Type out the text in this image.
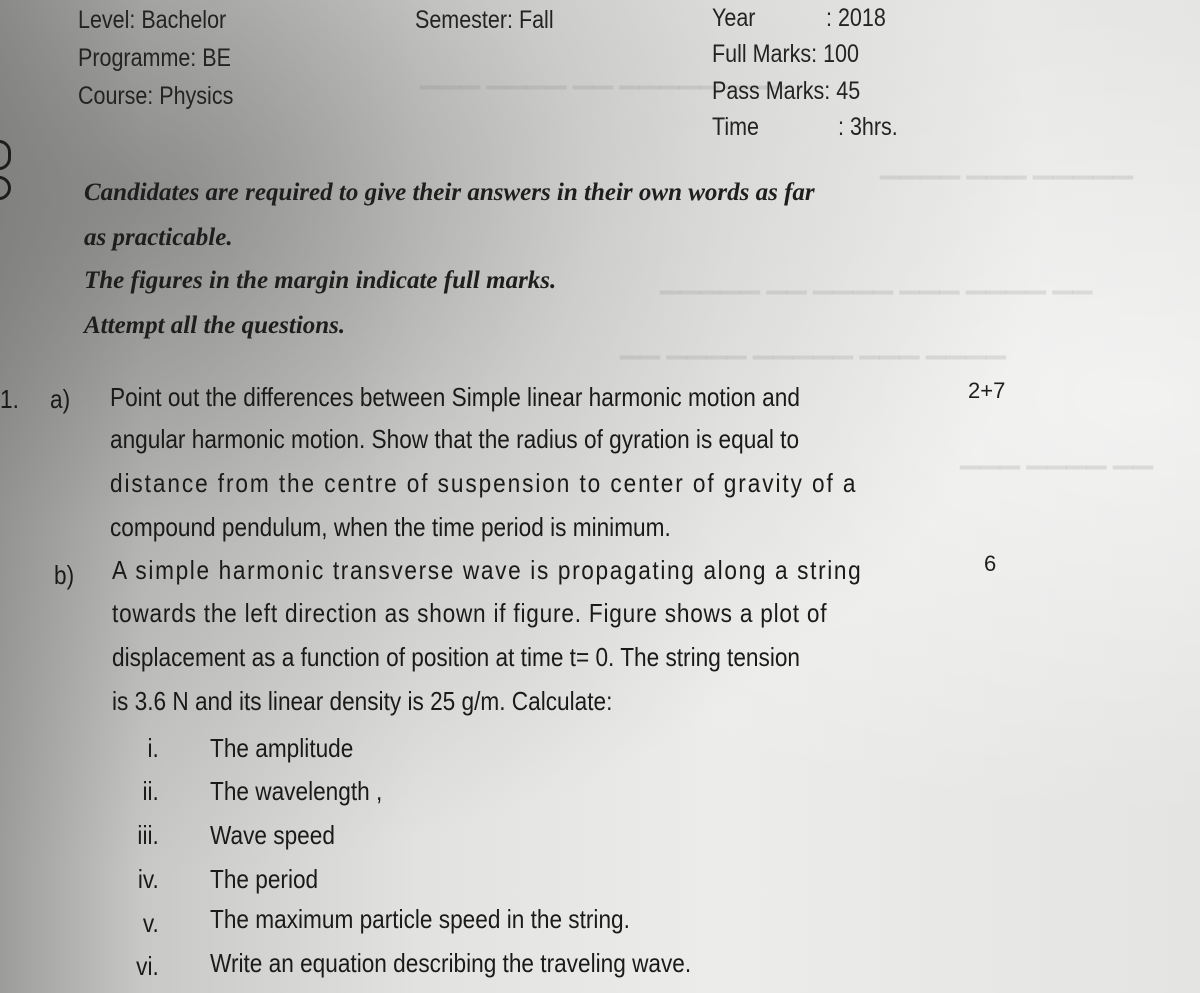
▁▁▁ ▁▁▁▁ ▁▁ ▁▁▁▁▁ ▁▁▁
▁▁▁▁ ▁▁▁ ▁▁▁▁▁
▁▁▁▁▁ ▁▁ ▁▁▁▁ ▁▁▁ ▁▁▁▁ ▁▁
▁▁ ▁▁▁▁ ▁▁▁▁▁ ▁▁▁ ▁▁▁▁
▁▁▁ ▁▁▁▁ ▁▁
Level: Bachelor
Programme: BE
Course: Physics
Semester: Fall	Year	: 2018
Full Marks: 100
Pass Marks: 45
Time	: 3hrs.
Candidates are required to give their answers in their own words as far
as practicable.
The figures in the margin indicate full marks.
Attempt all the questions.
1. a)	2+7
Point out the differences between Simple linear harmonic motion and
angular harmonic motion. Show that the radius of gyration is equal to
distance from the centre of suspension to center of gravity of a
compound pendulum, when the time period is minimum.
b)	6
A simple harmonic transverse wave is propagating along a string
towards the left direction as shown if figure. Figure shows a plot of
displacement as a function of position at time t= 0. The string tension
is 3.6 N and its linear density is 25 g/m. Calculate:
i. The amplitude
ii. The wavelength ,
iii. Wave speed
iv. The period
v. The maximum particle speed in the string.
vi. Write an equation describing the traveling wave.
